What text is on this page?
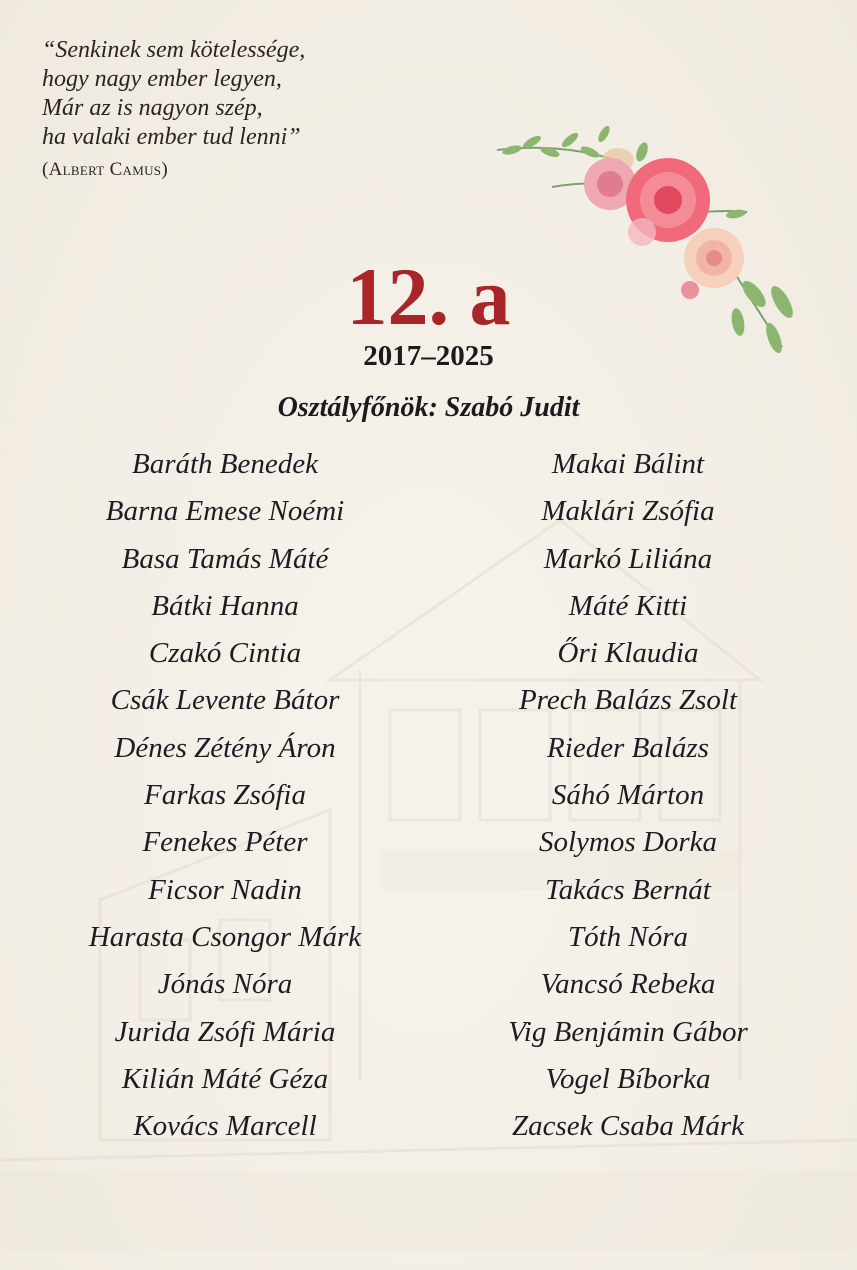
“Senkinek sem kötelessége,
hogy nagy ember legyen,
Már az is nagyon szép,
ha valaki ember tud lenni”
(Albert Camus)
12. a
2017–2025
Osztályfőnök: Szabó Judit
Baráth Benedek
Barna Emese Noémi
Basa Tamás Máté
Bátki Hanna
Czakó Cintia
Csák Levente Bátor
Dénes Zétény Áron
Farkas Zsófia
Fenekes Péter
Ficsor Nadin
Harasta Csongor Márk
Jónás Nóra
Jurida Zsófi Mária
Kilián Máté Géza
Kovács Marcell
Makai Bálint
Maklári Zsófia
Markó Liliána
Máté Kitti
Őri Klaudia
Prech Balázs Zsolt
Rieder Balázs
Sáhó Márton
Solymos Dorka
Takács Bernát
Tóth Nóra
Vancsó Rebeka
Vig Benjámin Gábor
Vogel Bíborka
Zacsek Csaba Márk
